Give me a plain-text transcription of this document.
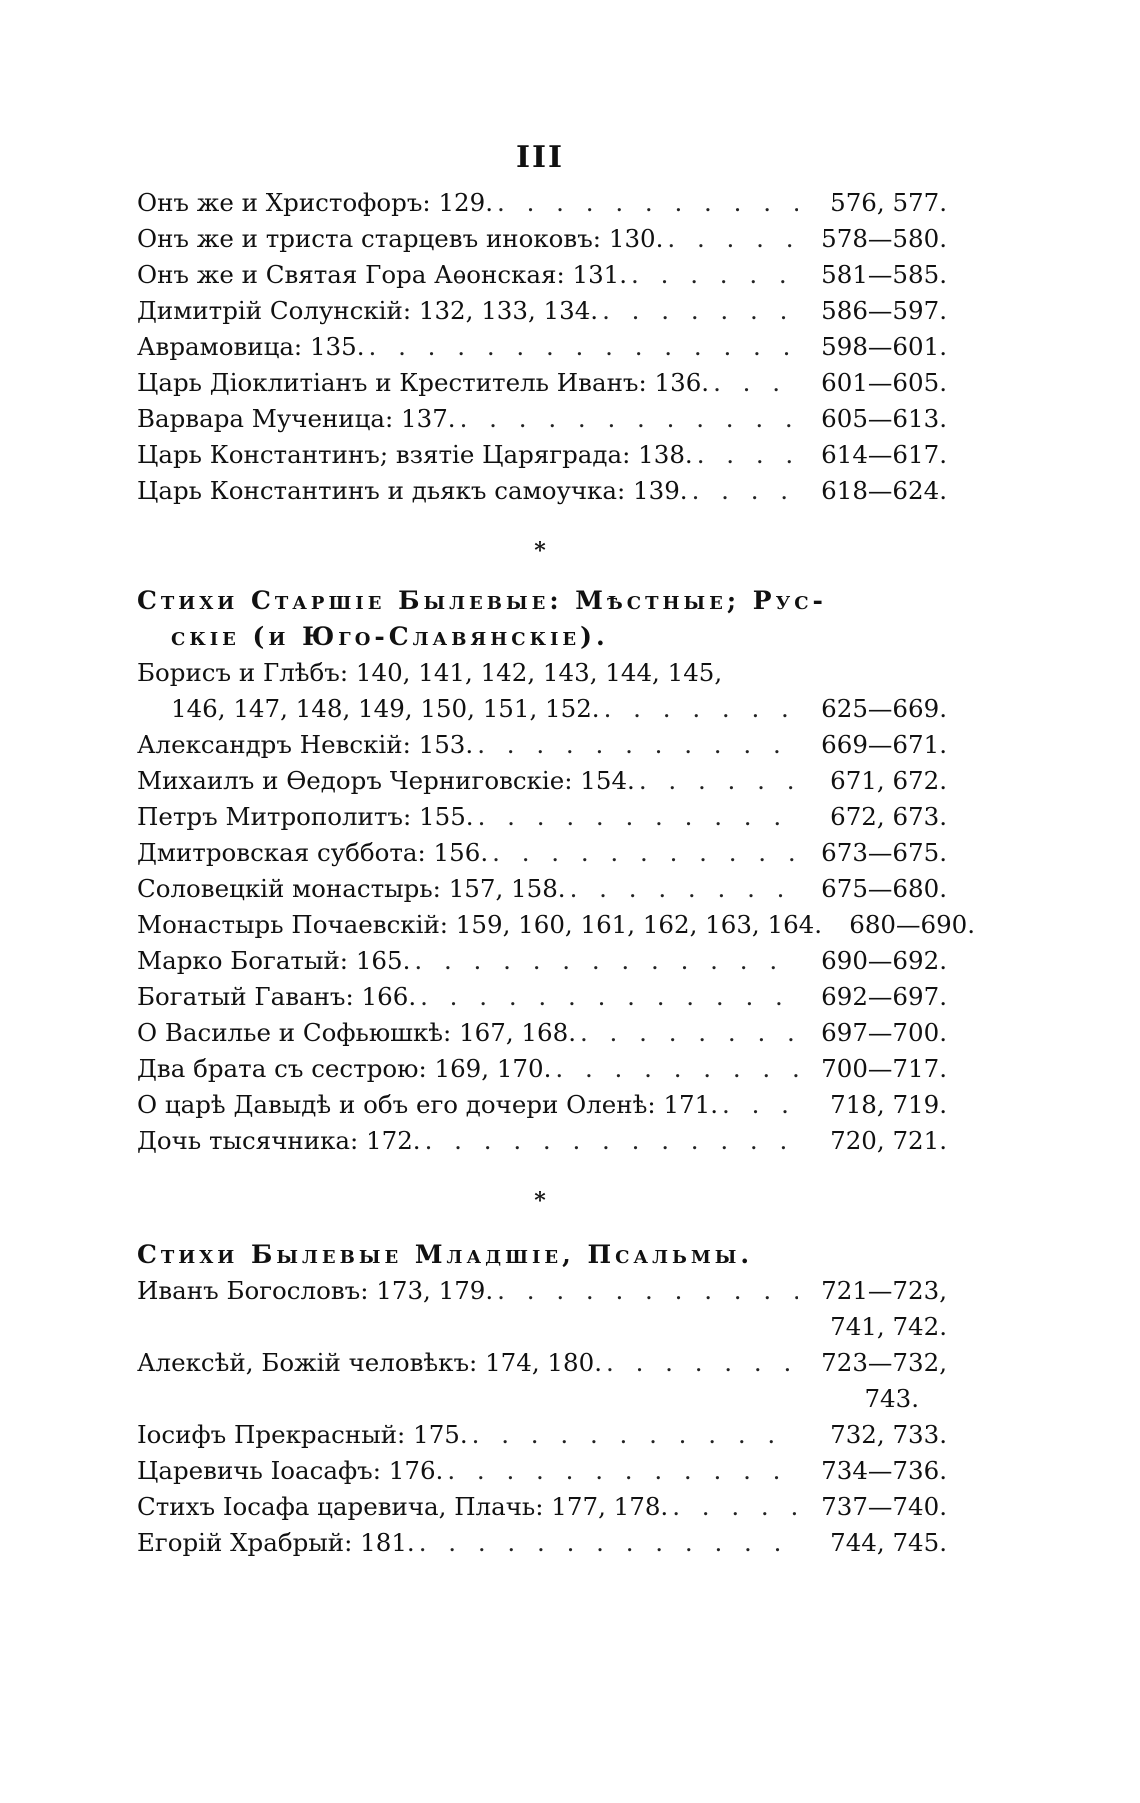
III
Онъ же и Христофоръ: 129. . . .	576, 577.
Онъ же и триста старцевъ иноковъ: 130. . . .	578—580.
Онъ же и Святая Гора Аѳонская: 131. . . .	581—585.
Димитрій Солунскій: 132, 133, 134. . . .	586—597.
Аврамовица: 135. . . .	598—601.
Царь Діоклитіанъ и Креститель Иванъ: 136. . . .	601—605.
Варвара Мученица: 137. . . .	605—613.
Царь Константинъ; взятіе Царяграда: 138. . . .	614—617.
Царь Константинъ и дьякъ самоучка: 139. . . .	618—624.
*
Стихи Старшіе Былевые: Мѣстные; Рус-
скіе (и Юго-Славянскіе).
Борисъ и Глѣбъ: 140, 141, 142, 143, 144, 145,
146, 147, 148, 149, 150, 151, 152. . . .	625—669.
Александръ Невскій: 153. . . .	669—671.
Михаилъ и Ѳедоръ Черниговскіе: 154. . . .	671, 672.
Петръ Митрополитъ: 155. . . .	672, 673.
Дмитровская суббота: 156. . . .	673—675.
Соловецкій монастырь: 157, 158. . . .	675—680.
Монастырь Почаевскій: 159, 160, 161, 162, 163, 164.	680—690.
Марко Богатый: 165. . . .	690—692.
Богатый Гаванъ: 166. . . .	692—697.
О Василье и Софьюшкѣ: 167, 168. . . .	697—700.
Два брата съ сестрою: 169, 170. . . .	700—717.
О царѣ Давыдѣ и объ его дочери Оленѣ: 171. . . .	718, 719.
Дочь тысячника: 172. . . .	720, 721.
*
Стихи Былевые Младшіе, Псальмы.
Иванъ Богословъ: 173, 179. . . .	721—723,
741, 742.
Алексѣй, Божій человѣкъ: 174, 180. . . .	723—732,
743.
Іосифъ Прекрасный: 175. . . .	732, 733.
Царевичь Іоасафъ: 176. . . .	734—736.
Стихъ Іосафа царевича, Плачь: 177, 178. . . .	737—740.
Егорій Храбрый: 181. . . .	744, 745.
